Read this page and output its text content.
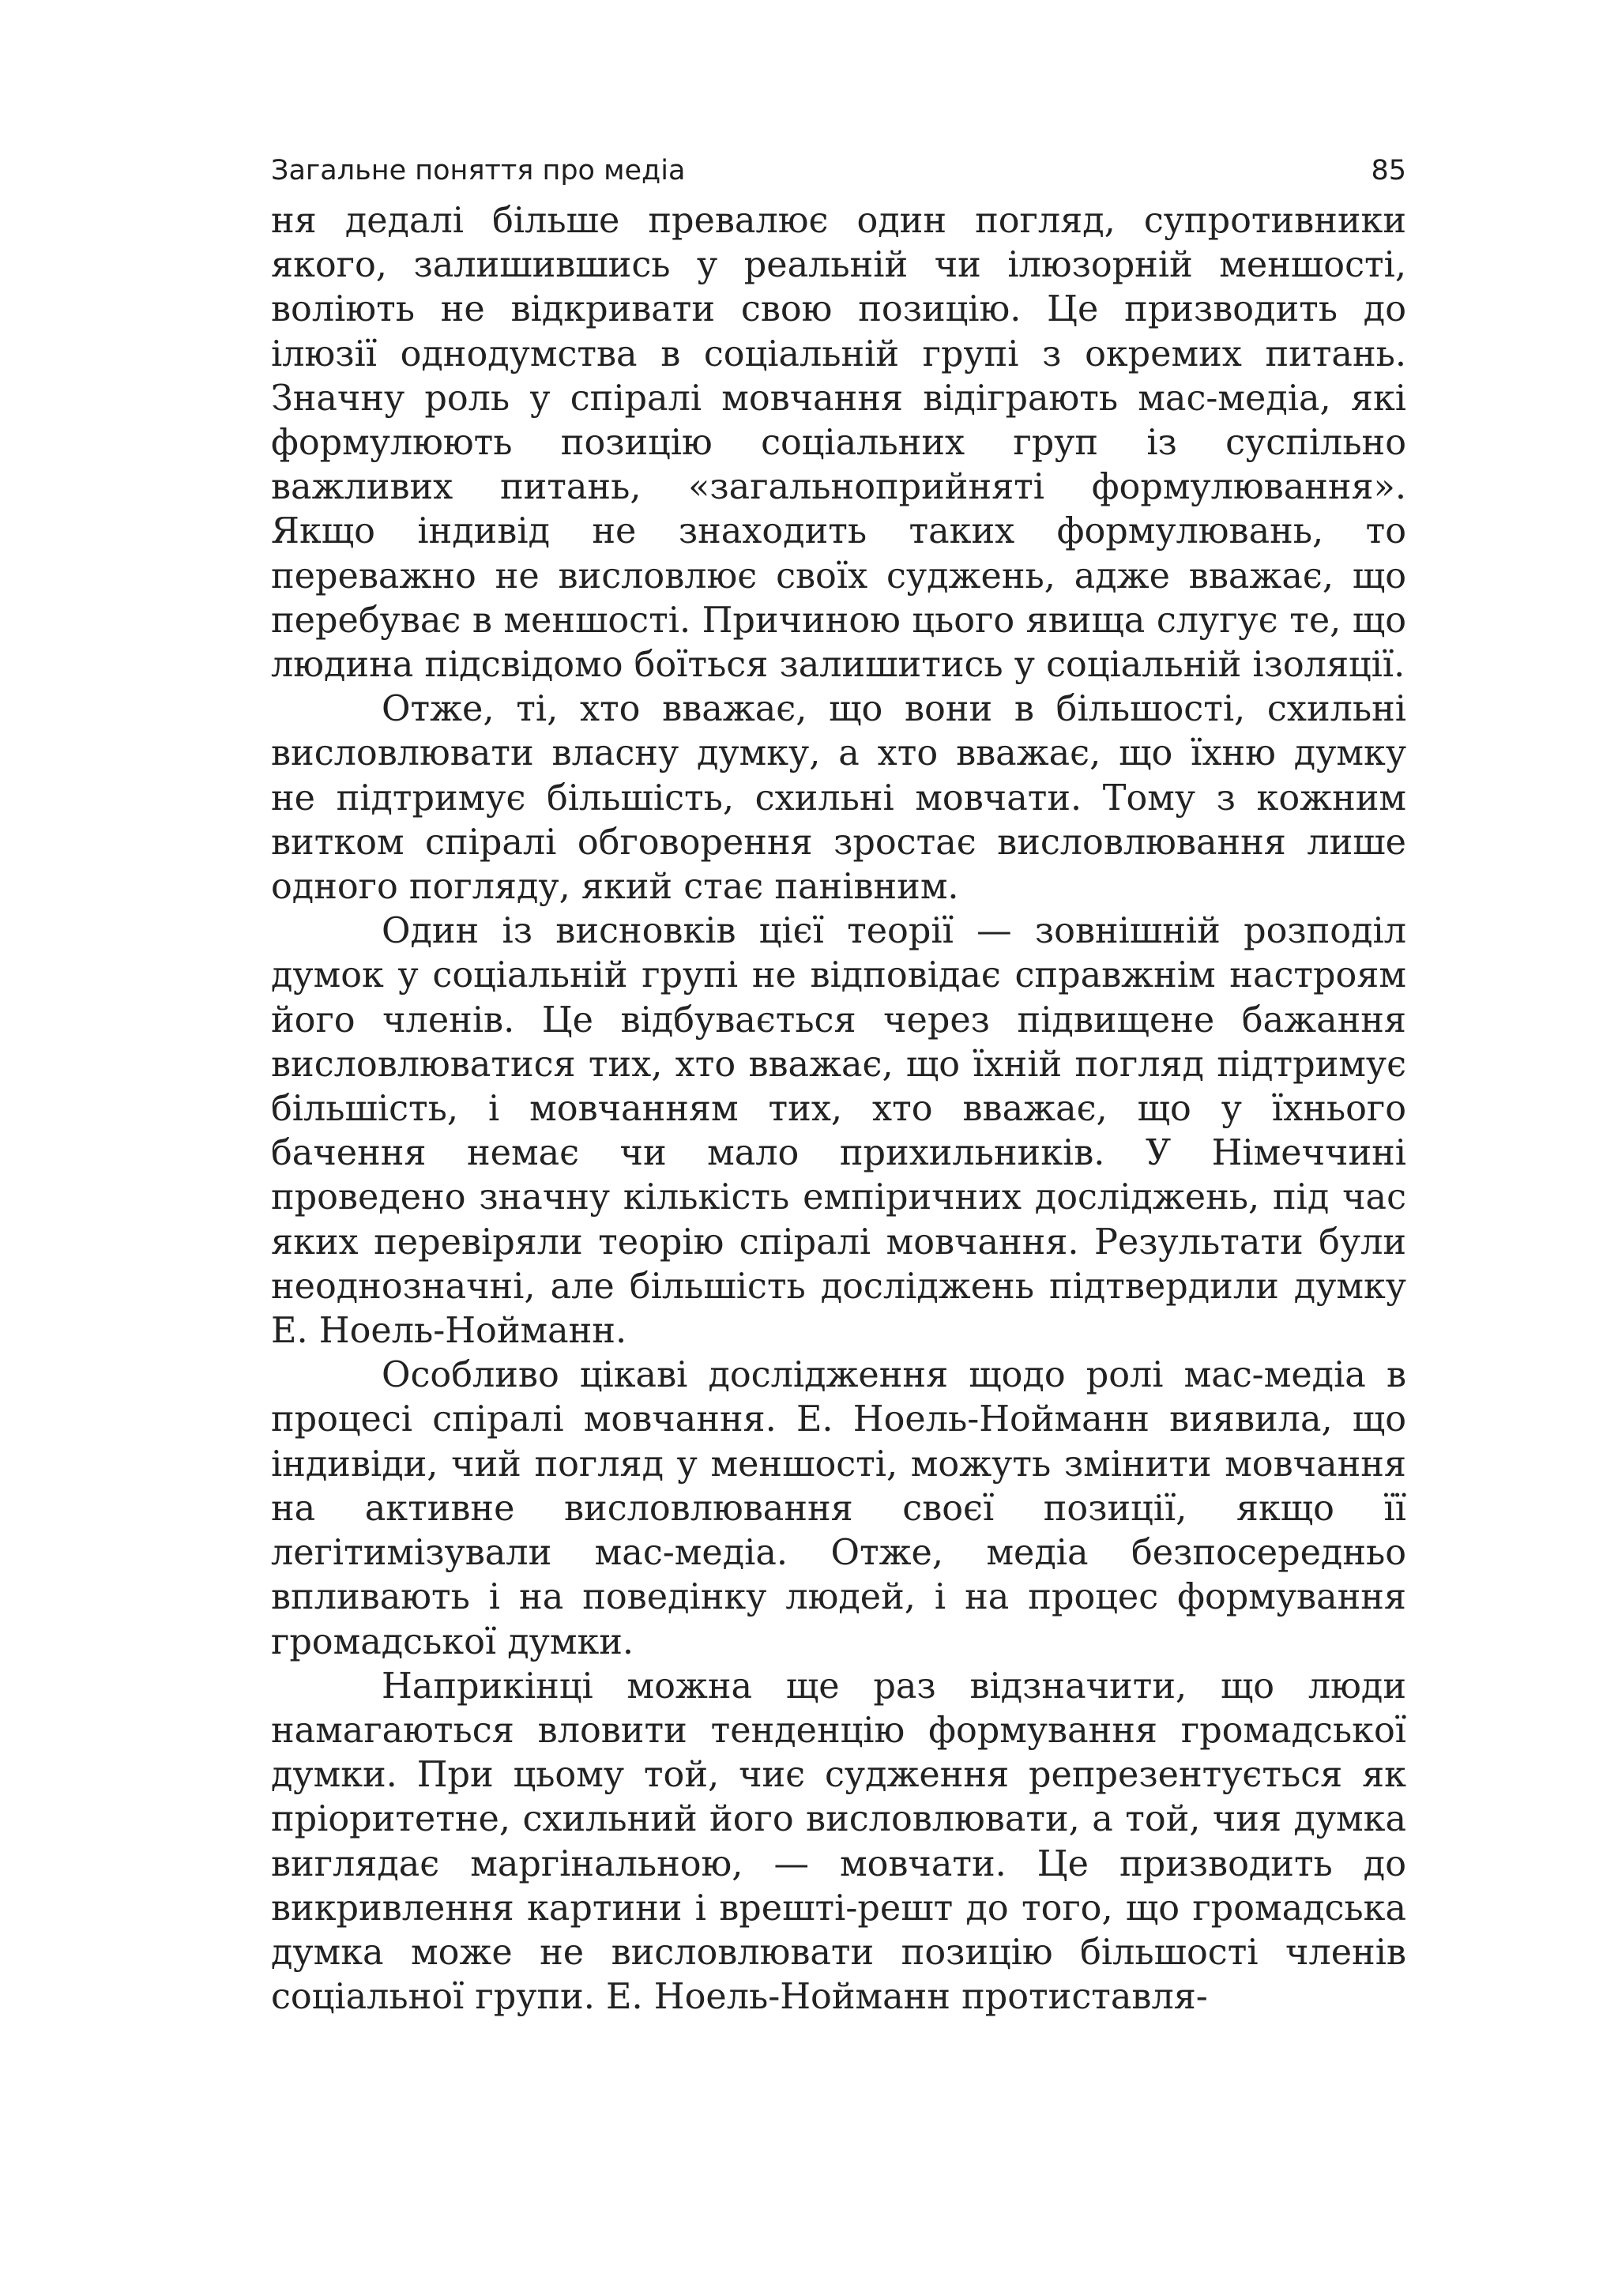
Загальне поняття про медіа	85

ня дедалі більше превалює один погляд, супротивники якого, залишившись у реальній чи ілюзорній меншості, воліють не відкривати свою позицію. Це призводить до ілюзії однодумства в соціальній групі з окремих питань. Значну роль у спіралі мовчання відіграють мас-медіа, які формулюють позицію соціальних груп із суспільно важливих питань, «загальноприйняті формулювання». Якщо індивід не знаходить таких формулювань, то переважно не висловлює своїх суджень, адже вважає, що перебуває в меншості. Причиною цього явища слугує те, що людина підсвідомо боїться залишитись у соціальній ізоляції.

Отже, ті, хто вважає, що вони в більшості, схильні висловлювати власну думку, а хто вважає, що їхню думку не підтримує більшість, схильні мовчати. Тому з кожним витком спіралі обговорення зростає висловлювання лише одного погляду, який стає панівним.

Один із висновків цієї теорії — зовнішній розподіл думок у соціальній групі не відповідає справжнім настроям його членів. Це відбувається через підвищене бажання висловлюватися тих, хто вважає, що їхній погляд підтримує більшість, і мовчанням тих, хто вважає, що у їхнього бачення немає чи мало прихильників. У Німеччині проведено значну кількість емпіричних досліджень, під час яких перевіряли теорію спіралі мовчання. Результати були неоднозначні, але більшість досліджень підтвердили думку Е. Ноель-Нойманн.

Особливо цікаві дослідження щодо ролі мас-медіа в процесі спіралі мовчання. Е. Ноель-Нойманн виявила, що індивіди, чий погляд у меншості, можуть змінити мовчання на активне висловлювання своєї позиції, якщо її легітимізували мас-медіа. Отже, медіа безпосередньо впливають і на поведінку людей, і на процес формування громадської думки.

Наприкінці можна ще раз відзначити, що люди намагаються вловити тенденцію формування громадської думки. При цьому той, чиє судження репрезентується як пріоритетне, схильний його висловлювати, а той, чия думка виглядає маргінальною, — мовчати. Це призводить до викривлення картини і врешті-решт до того, що громадська думка може не висловлювати позицію більшості членів соціальної групи. Е. Ноель-Нойманн протиставля-
